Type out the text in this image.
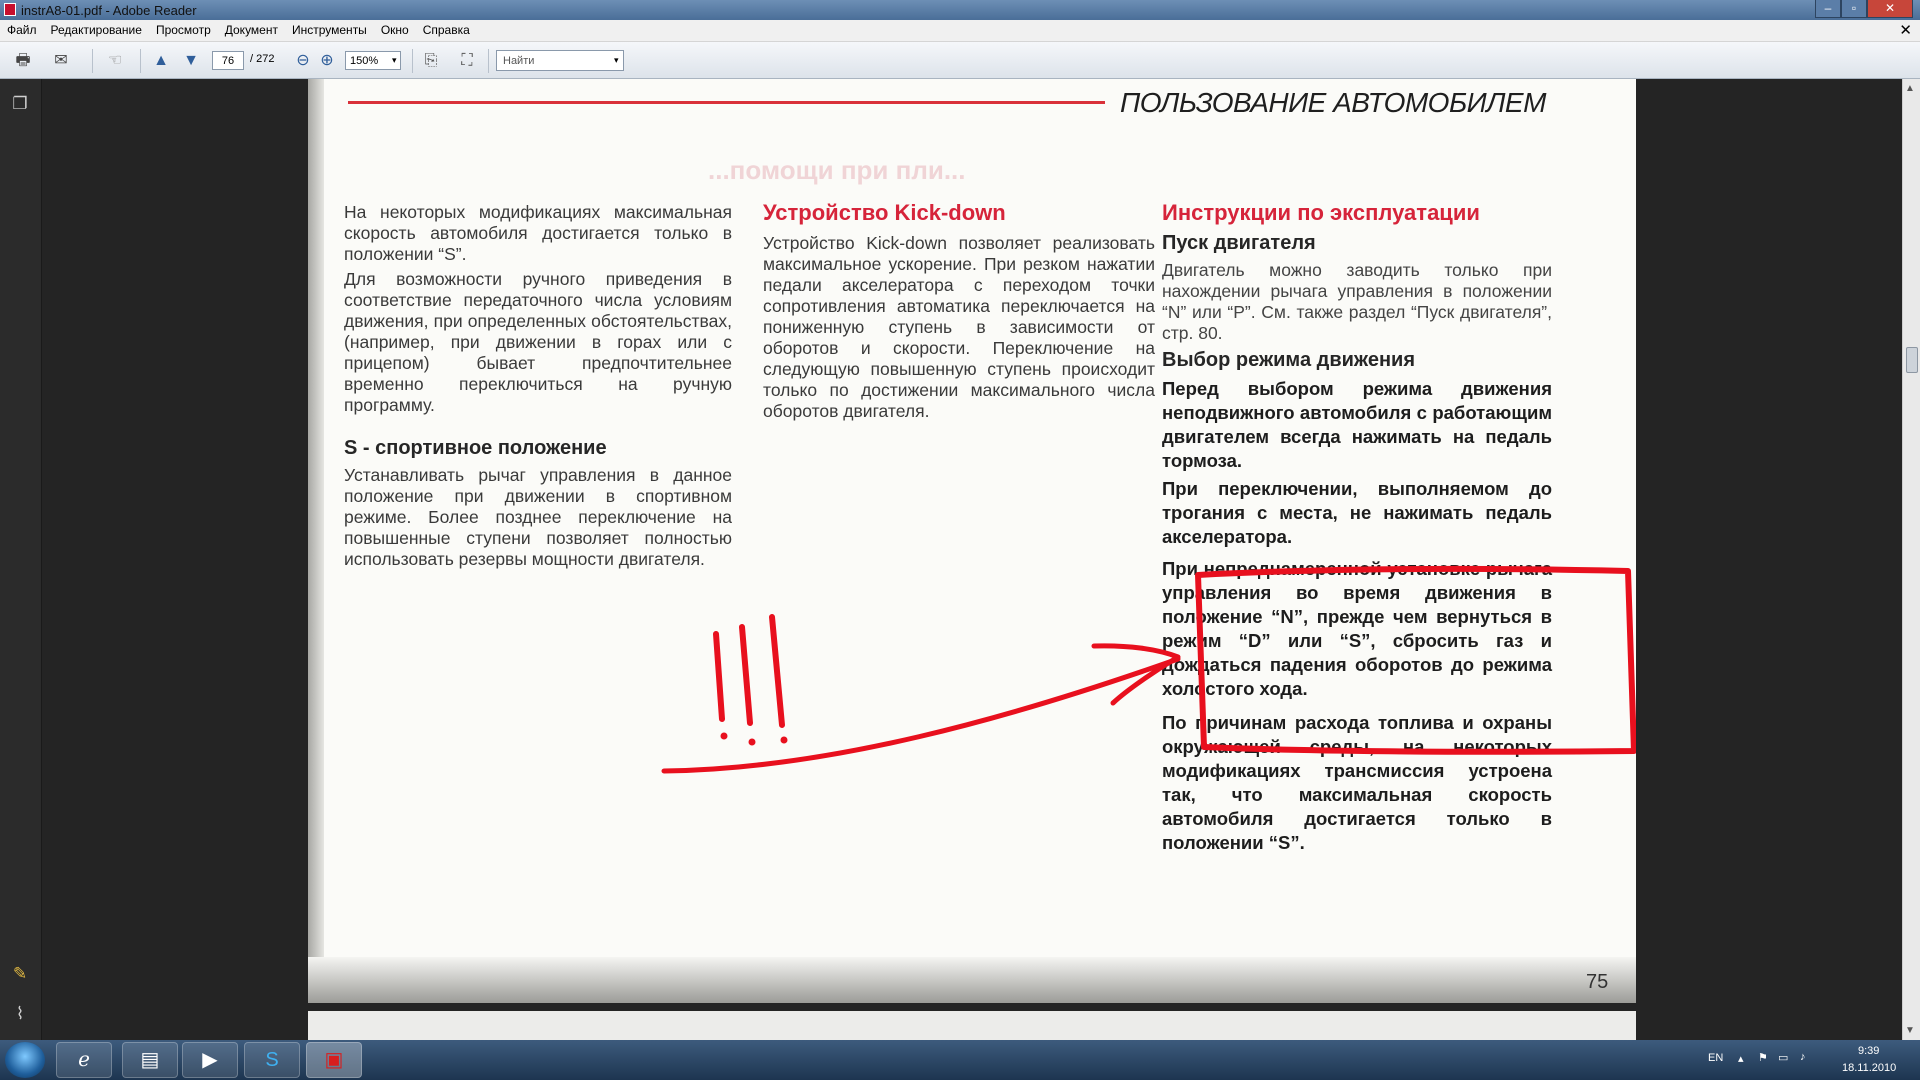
instrA8-01.pdf - Adobe Reader	–	▫	✕
Файл Редактирование Просмотр Документ Инструменты Окно Справка	✕
🖶 ✉	☜ ▲ ▼	76	/ 272 ⊖ ⊕	150%	▾ ⎘	⛶	Найти	▾
❐
✎
⌇
ПОЛЬЗОВАНИЕ АВТОМОБИЛЕМ
...помощи при пли...

На некоторых модификациях максимальная скорость автомобиля достигается только в положении “S”.

Для возможности ручного приведения в соответствие передаточного числа условиям движения, при определенных обстоятельствах, (например, при движении в горах или с прицепом) бывает предпочтительнее временно переключиться на ручную программу.

S - спортивное положение

Устанавливать рычаг управления в данное положение при движении в спортивном режиме. Более позднее переключение на повышенные ступени позволяет полностью использовать резервы мощности двигателя.

Устройство Kick-down

Устройство Kick-down позволяет реализовать максимальное ускорение. При резком нажатии педали акселератора с переходом точки сопротивления автоматика переключается на пониженную ступень в зависимости от оборотов и скорости. Переключение на следующую повышенную ступень происходит только по достижении максимального числа оборотов двигателя.

Инструкции по эксплуатации
Пуск двигателя

Двигатель можно заводить только при нахождении рычага управления в положении “N” или “P”. См. также раздел “Пуск двигателя”, стр. 80.

Выбор режима движения

Перед выбором режима движения неподвижного автомобиля с работающим двигателем всегда нажимать на педаль тормоза.

При переключении, выполняемом до трогания с места, не нажимать педаль акселератора.

При непреднамеренной установке рычага управления во время движения в положение “N”, прежде чем вернуться в режим “D” или “S”, сбросить газ и дождаться падения оборотов до режима холостого хода.

По причинам расхода топлива и охраны окружающей среды, на некоторых модификациях трансмиссия устроена так, что максимальная скорость автомобиля достигается только в положении “S”.

75
▲
▼
ℯ	▤	▶	S	▣	EN ▴ ⚑ ▭ ♪	9:39
18.11.2010
